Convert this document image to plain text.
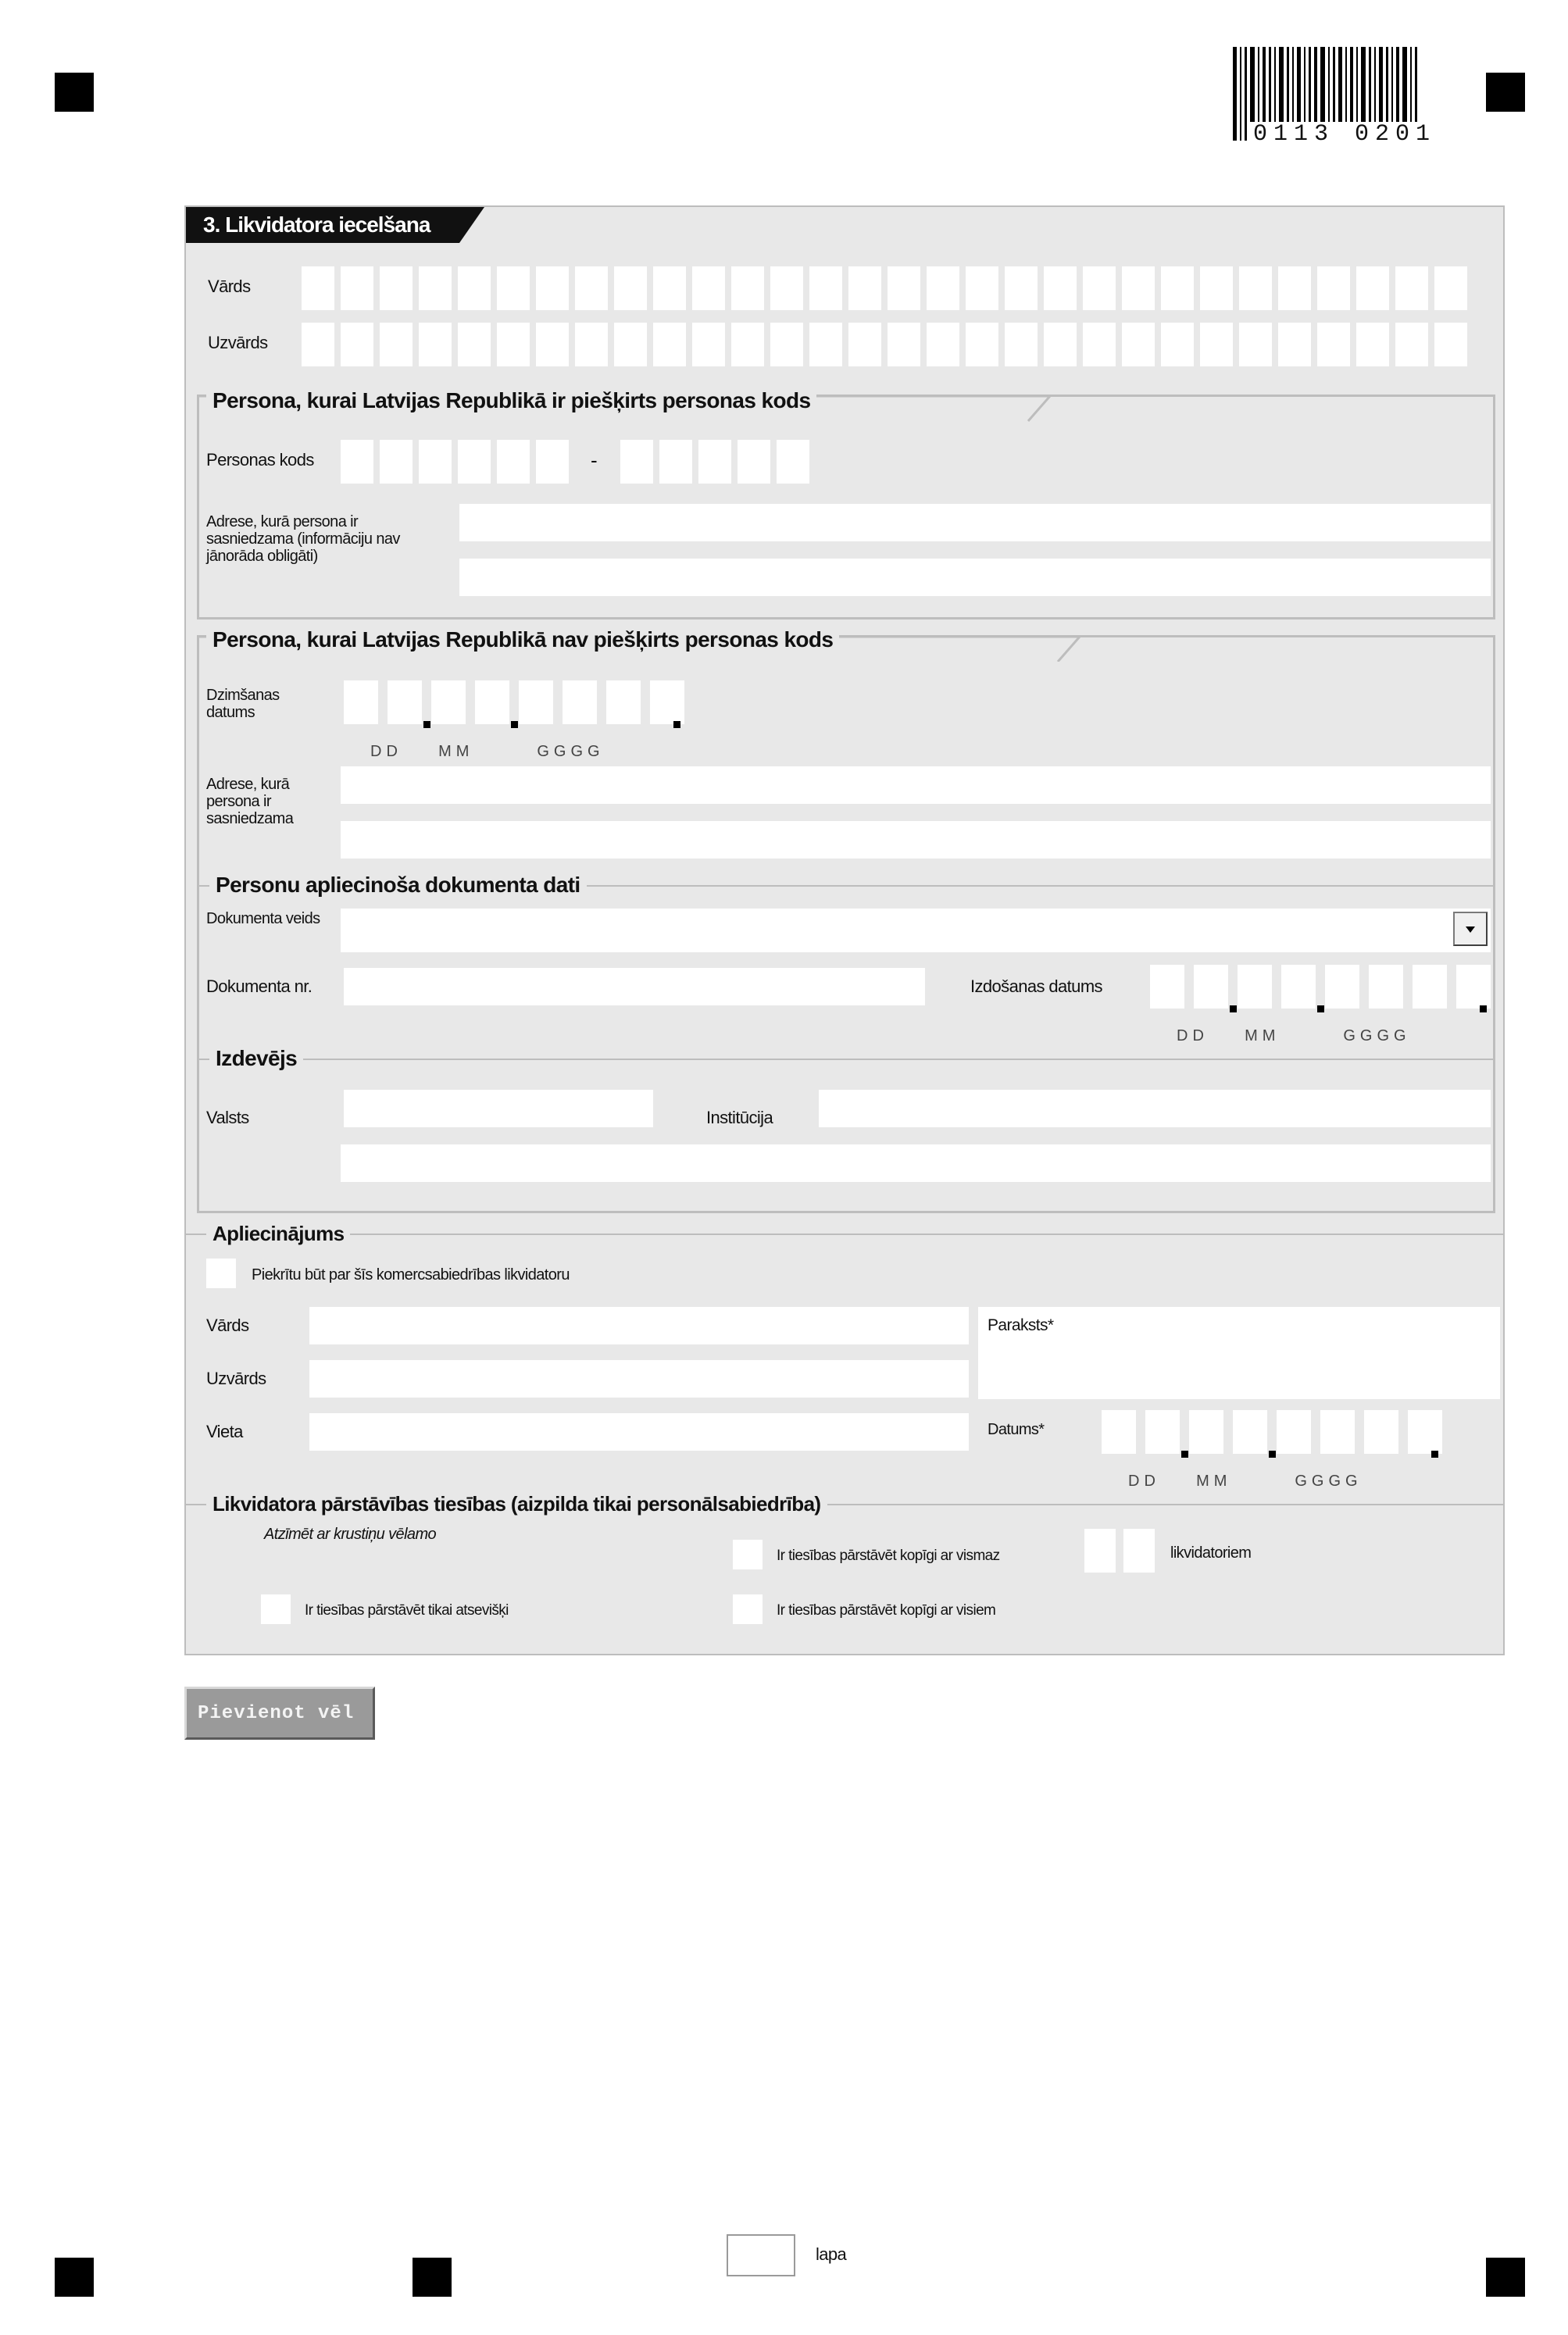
0113 0201
3. Likvidatora iecelšana
Vārds
Uzvārds
Persona, kurai Latvijas Republikā ir piešķirts personas kods
Personas kods	-
Adrese, kurā persona ir sasniedzama (informāciju nav jānorāda obligāti)
Persona, kurai Latvijas Republikā nav piešķirts personas kods
Dzimšanas datums
DD    MM       GGGG
Adrese, kurā persona ir sasniedzama
Personu apliecinoša dokumenta dati
Dokumenta veids
Dokumenta nr.	Izdošanas datums
DD    MM       GGGG
Izdevējs
Valsts	Institūcija
Apliecinājums
Piekrītu būt par šīs komercsabiedrības likvidatoru
Vārds
Uzvārds
Vieta
Paraksts*
Datums*
DD    MM       GGGG
Likvidatora pārstāvības tiesības (aizpilda tikai personālsabiedrība)
Atzīmēt ar krustiņu vēlamo
Ir tiesības pārstāvēt kopīgi ar vismaz	likvidatoriem
Ir tiesības pārstāvēt tikai atsevišķi	Ir tiesības pārstāvēt kopīgi ar visiem
Pievienot vēl
lapa
